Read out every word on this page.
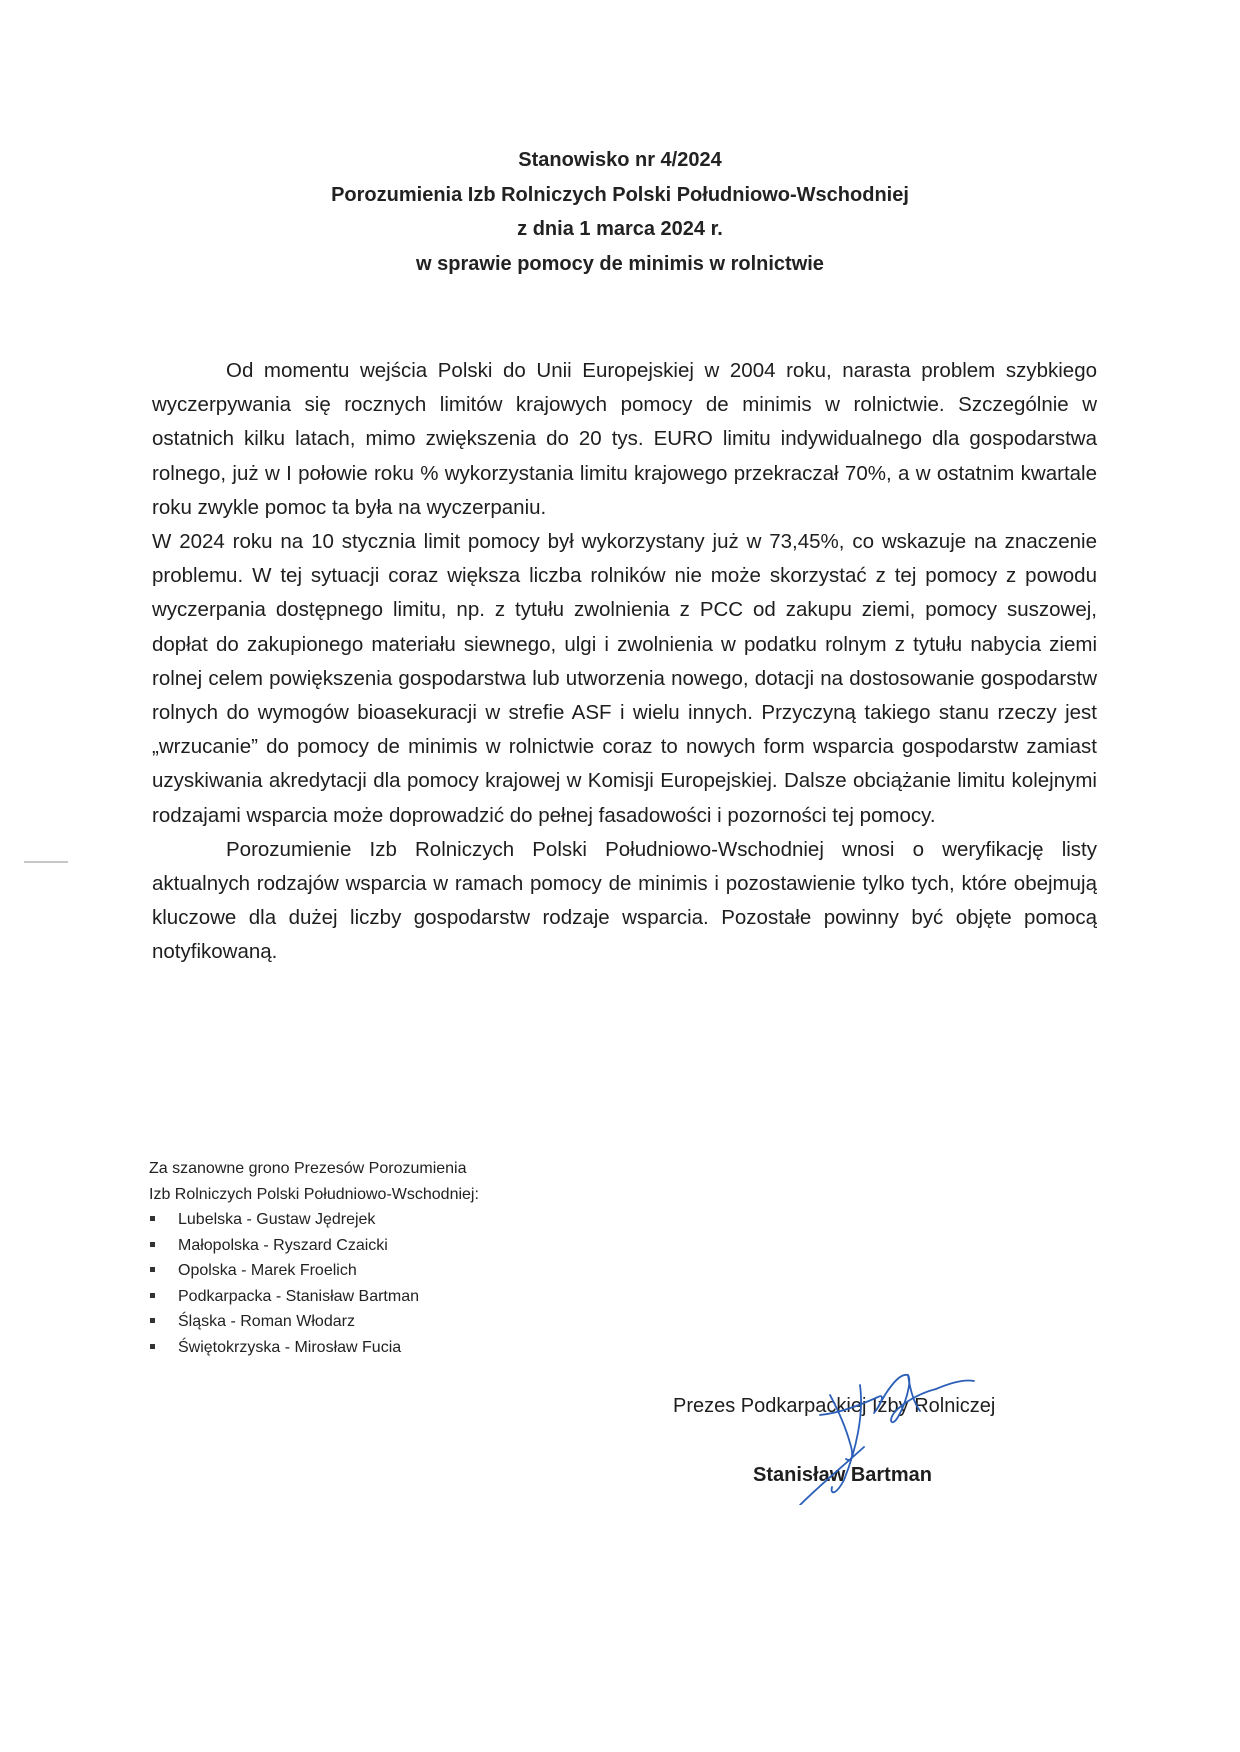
Stanowisko nr 4/2024
Porozumienia Izb Rolniczych Polski Południowo-Wschodniej
z dnia 1 marca 2024 r.
w sprawie pomocy de minimis w rolnictwie

Od momentu wejścia Polski do Unii Europejskiej w 2004 roku, narasta problem szybkiego wyczerpywania się rocznych limitów krajowych pomocy de minimis w rolnictwie. Szczególnie w ostatnich kilku latach, mimo zwiększenia do 20 tys. EURO limitu indywidualnego dla gospodarstwa rolnego, już w I połowie roku % wykorzystania limitu krajowego przekraczał 70%, a w ostatnim kwartale roku zwykle pomoc ta była na wyczerpaniu.

W 2024 roku na 10 stycznia limit pomocy był wykorzystany już w 73,45%, co wskazuje na znaczenie problemu. W tej sytuacji coraz większa liczba rolników nie może skorzystać z tej pomocy z powodu wyczerpania dostępnego limitu, np. z tytułu zwolnienia z PCC od zakupu ziemi, pomocy suszowej, dopłat do zakupionego materiału siewnego, ulgi i zwolnienia w podatku rolnym z tytułu nabycia ziemi rolnej celem powiększenia gospodarstwa lub utworzenia nowego, dotacji na dostosowanie gospodarstw rolnych do wymogów bioasekuracji w strefie ASF i wielu innych. Przyczyną takiego stanu rzeczy jest „wrzucanie” do pomocy de minimis w rolnictwie coraz to nowych form wsparcia gospodarstw zamiast uzyskiwania akredytacji dla pomocy krajowej w Komisji Europejskiej. Dalsze obciążanie limitu kolejnymi rodzajami wsparcia może doprowadzić do pełnej fasadowości i pozorności tej pomocy.

Porozumienie Izb Rolniczych Polski Południowo-Wschodniej wnosi o weryfikację listy aktualnych rodzajów wsparcia w ramach pomocy de minimis i pozostawienie tylko tych, które obejmują kluczowe dla dużej liczby gospodarstw rodzaje wsparcia. Pozostałe powinny być objęte pomocą notyfikowaną.

Za szanowne grono Prezesów Porozumienia

Izb Rolniczych Polski Południowo-Wschodniej:

Lubelska - Gustaw Jędrejek
Małopolska - Ryszard Czaicki
Opolska - Marek Froelich
Podkarpacka - Stanisław Bartman
Śląska - Roman Włodarz
Świętokrzyska - Mirosław Fucia
Prezes Podkarpackiej Izby Rolniczej
Stanisław Bartman
